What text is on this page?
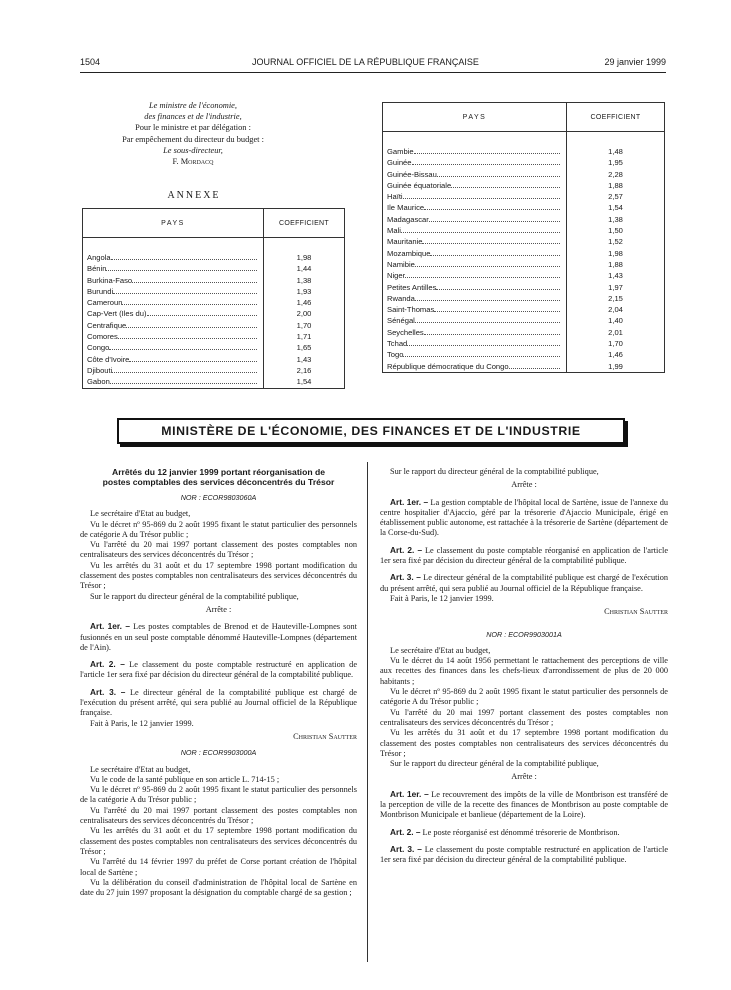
1504	JOURNAL OFFICIEL DE LA RÉPUBLIQUE FRANÇAISE	29 janvier 1999
Le ministre de l'économie,
des finances et de l'industrie,
Pour le ministre et par délégation :
Par empêchement du directeur du budget :
Le sous-directeur,
F. Mordacq
ANNEXE
PAYS	COEFFICIENT

Angola	1,98
Bénin	1,44
Burkina-Faso	1,38
Burundi	1,93
Cameroun	1,46
Cap-Vert (Iles du)	2,00
Centrafique	1,70
Comores	1,71
Congo	1,65
Côte d'Ivoire	1,43
Djibouti	2,16
Gabon	1,54
PAYS	COEFFICIENT

Gambie	1,48
Guinée	1,95
Guinée-Bissau	2,28
Guinée équatoriale	1,88
Haïti	2,57
Ile Maurice	1,54
Madagascar	1,38
Mali	1,50
Mauritanie	1,52
Mozambique	1,98
Namibie	1,88
Niger	1,43
Petites Antilles	1,97
Rwanda	2,15
Saint-Thomas	2,04
Sénégal	1,40
Seychelles	2,01
Tchad	1,70
Togo	1,46
République démocratique du Congo	1,99
MINISTÈRE DE L'ÉCONOMIE, DES FINANCES ET DE L'INDUSTRIE

Arrêtés du 12 janvier 1999 portant réorganisation de postes comptables des services déconcentrés du Trésor

NOR : ECOR9803060A

Le secrétaire d'Etat au budget,

Vu le décret nº 95-869 du 2 août 1995 fixant le statut particulier des personnels de catégorie A du Trésor public ;

Vu l'arrêté du 20 mai 1997 portant classement des postes comptables non centralisateurs des services déconcentrés du Trésor ;

Vu les arrêtés du 31 août et du 17 septembre 1998 portant modification du classement des postes comptables non centralisateurs des services déconcentrés du Trésor ;

Sur le rapport du directeur général de la comptabilité publique,

Arrête :

Art. 1er. – Les postes comptables de Brenod et de Hauteville-Lompnes sont fusionnés en un seul poste comptable dénommé Hauteville-Lompnes (département de l'Ain).

Art. 2. – Le classement du poste comptable restructuré en application de l'article 1er sera fixé par décision du directeur général de la comptabilité publique.

Art. 3. – Le directeur général de la comptabilité publique est chargé de l'exécution du présent arrêté, qui sera publié au Journal officiel de la République française.

Fait à Paris, le 12 janvier 1999.

Christian Sautter

NOR : ECOR9903000A

Le secrétaire d'Etat au budget,

Vu le code de la santé publique en son article L. 714-15 ;

Vu le décret nº 95-869 du 2 août 1995 fixant le statut particulier des personnels de la catégorie A du Trésor public ;

Vu l'arrêté du 20 mai 1997 portant classement des postes comptables non centralisateurs des services déconcentrés du Trésor ;

Vu les arrêtés du 31 août et du 17 septembre 1998 portant modification du classement des postes comptables non centralisateurs des services déconcentrés du Trésor ;

Vu l'arrêté du 14 février 1997 du préfet de Corse portant création de l'hôpital local de Sartène ;

Vu la délibération du conseil d'administration de l'hôpital local de Sartène en date du 27 juin 1997 proposant la désignation du comptable chargé de sa gestion ;

Sur le rapport du directeur général de la comptabilité publique,

Arrête :

Art. 1er. – La gestion comptable de l'hôpital local de Sartène, issue de l'annexe du centre hospitalier d'Ajaccio, géré par la trésorerie d'Ajaccio Municipale, érigé en établissement public autonome, est rattachée à la trésorerie de Sartène (département de la Corse-du-Sud).

Art. 2. – Le classement du poste comptable réorganisé en application de l'article 1er sera fixé par décision du directeur général de la comptabilité publique.

Art. 3. – Le directeur général de la comptabilité publique est chargé de l'exécution du présent arrêté, qui sera publié au Journal officiel de la République française.

Fait à Paris, le 12 janvier 1999.

Christian Sautter

NOR : ECOR9903001A

Le secrétaire d'Etat au budget,

Vu le décret du 14 août 1956 permettant le rattachement des perceptions de ville aux recettes des finances dans les chefs-lieux d'arrondissement de plus de 20 000 habitants ;

Vu le décret nº 95-869 du 2 août 1995 fixant le statut particulier des personnels de catégorie A du Trésor public ;

Vu l'arrêté du 20 mai 1997 portant classement des postes comptables non centralisateurs des services déconcentrés du Trésor ;

Vu les arrêtés du 31 août et du 17 septembre 1998 portant modification du classement des postes comptables non centralisateurs des services déconcentrés du Trésor ;

Sur le rapport du directeur général de la comptabilité publique,

Arrête :

Art. 1er. – Le recouvrement des impôts de la ville de Montbrison est transféré de la perception de ville de la recette des finances de Montbrison au poste comptable de Montbrison Municipale et banlieue (département de la Loire).

Art. 2. – Le poste réorganisé est dénommé trésorerie de Montbrison.

Art. 3. – Le classement du poste comptable restructuré en application de l'article 1er sera fixé par décision du directeur général de la comptabilité publique.
